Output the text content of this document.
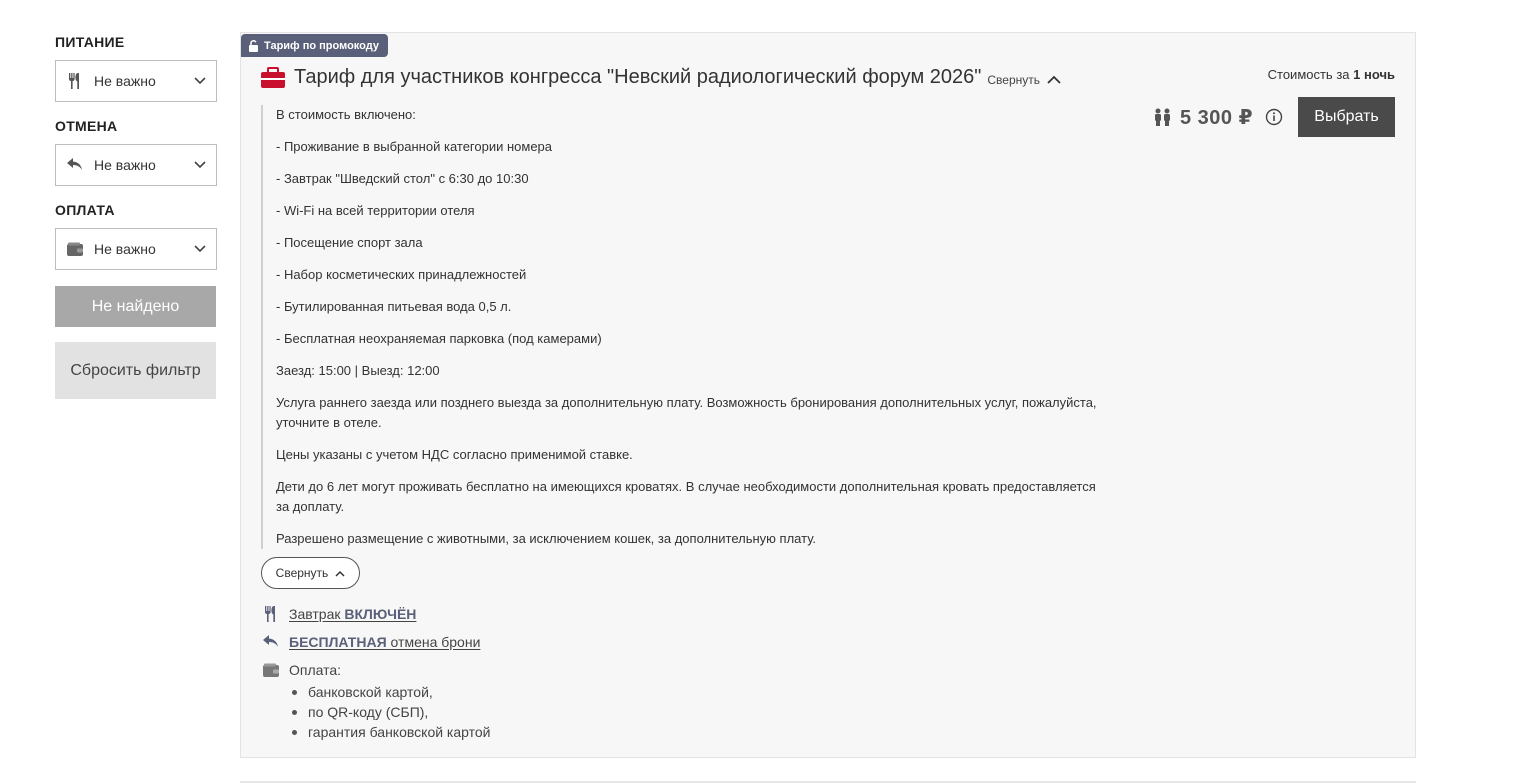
ПИТАНИЕ
Не важно
ОТМЕНА
Не важно
ОПЛАТА
Не важно
Не найдено
Сбросить фильтр
Тариф по промокоду
Тариф для участников конгресса "Невский радиологический форум 2026" Свернуть	Стоимость за 1 ночь
5 300 ₽	Выбрать

В стоимость включено:

- Проживание в выбранной категории номера

- Завтрак "Шведский стол" с 6:30 до 10:30

- Wi-Fi на всей территории отеля

- Посещение спорт зала

- Набор косметических принадлежностей

- Бутилированная питьевая вода 0,5 л.

- Бесплатная неохраняемая парковка (под камерами)

Заезд: 15:00 | Выезд: 12:00

Услуга раннего заезда или позднего выезда за дополнительную плату. Возможность бронирования дополнительных услуг, пожалуйста, уточните в отеле.

Цены указаны с учетом НДС согласно применимой ставке.

Дети до 6 лет могут проживать бесплатно на имеющихся кроватях. В случае необходимости дополнительная кровать предоставляется за доплату.

Разрешено размещение с животными, за исключением кошек, за дополнительную плату.

Свернуть
Завтрак ВКЛЮЧЁН
БЕСПЛАТНАЯ отмена брони
Оплата:
банковской картой,
по QR-коду (СБП),
гарантия банковской картой
